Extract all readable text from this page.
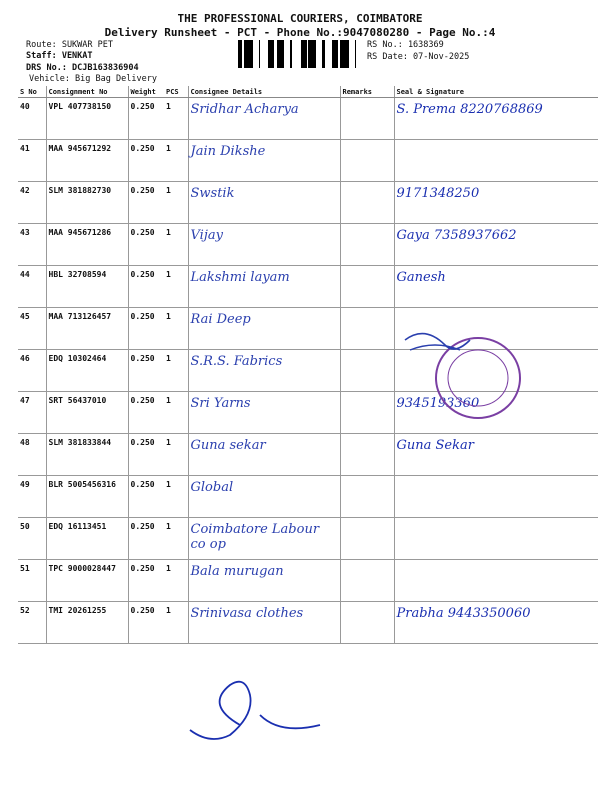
THE PROFESSIONAL COURIERS, COIMBATORE
Delivery Runsheet - PCT - Phone No.:9047080280 - Page No.:4
Route: SUKWAR PET
Staff: VENKAT
DRS No.: DCJB163836904
Vehicle: Big Bag Delivery
RS No.: 1638369
RS Date: 07-Nov-2025
S No	Consignment No	Weight	PCS	Consignee Details	Remarks	Seal & Signature
40	VPL 407738150	0.250	1	Sridhar Acharya		S. Prema 8220768869
41	MAA 945671292	0.250	1	Jain Dikshe		
42	SLM 381882730	0.250	1	Swstik		9171348250
43	MAA 945671286	0.250	1	Vijay		Gaya 7358937662
44	HBL 32708594	0.250	1	Lakshmi layam		Ganesh
45	MAA 713126457	0.250	1	Rai Deep		
46	EDQ 10302464	0.250	1	S.R.S. Fabrics		
47	SRT 56437010	0.250	1	Sri Yarns		9345193360
48	SLM 381833844	0.250	1	Guna sekar		Guna Sekar
49	BLR 5005456316	0.250	1	Global		
50	EDQ 16113451	0.250	1	Coimbatore Labour co op		
51	TPC 9000028447	0.250	1	Bala murugan		
52	TMI 20261255	0.250	1	Srinivasa clothes		Prabha 9443350060
